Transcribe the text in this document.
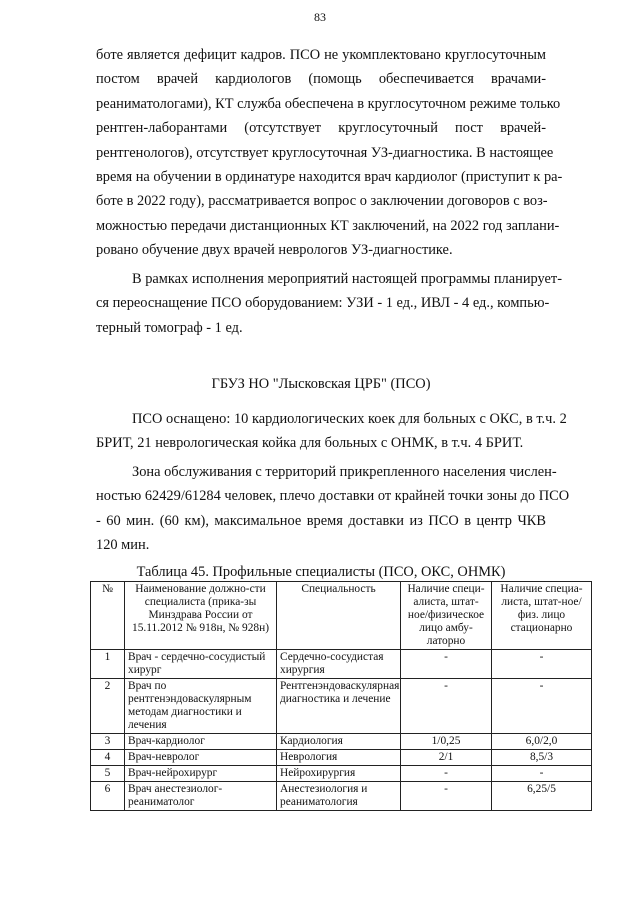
83
боте является дефицит кадров. ПСО не укомплектовано круглосуточным
постом врачей кардиологов (помощь обеспечивается врачами-
реаниматологами), КТ служба обеспечена в круглосуточном режиме только
рентген-лаборантами (отсутствует круглосуточный пост врачей-
рентгенологов), отсутствует круглосуточная УЗ-диагностика. В настоящее
время на обучении в ординатуре находится врач кардиолог (приступит к ра-
боте в 2022 году), рассматривается вопрос о заключении договоров с воз-
можностью передачи дистанционных КТ заключений, на 2022 год заплани-
ровано обучение двух врачей неврологов УЗ-диагностике.
В рамках исполнения мероприятий настоящей программы планирует-
ся переоснащение ПСО оборудованием: УЗИ - 1 ед., ИВЛ - 4 ед., компью-
терный томограф - 1 ед.
ГБУЗ НО "Лысковская ЦРБ" (ПСО)
ПСО оснащено: 10 кардиологических коек для больных с ОКС, в т.ч. 2
БРИТ, 21 неврологическая койка для больных с ОНМК, в т.ч. 4 БРИТ.
Зона обслуживания с территорий прикрепленного населения числен-
ностью 62429/61284 человек, плечо доставки от крайней точки зоны до ПСО
- 60 мин. (60 км), максимальное время доставки из ПСО в центр ЧКВ
120 мин.
Таблица 45. Профильные специалисты (ПСО, ОКС, ОНМК)
№	Наименование должно-сти специалиста (прика-зы Минздрава России от 15.11.2012 № 918н, № 928н)	Специальность	Наличие специ-алиста, штат-ное/физическое лицо амбу-латорно	Наличие специа-листа, штат-ное/физ. лицо стационарно
1	Врач - сердечно-сосудистый хирург	Сердечно-сосудистая хирургия	-	-
2	Врач по рентгенэндоваскулярным методам диагностики и лечения	Рентгенэндоваскулярная диагностика и лечение	-	-
3	Врач-кардиолог	Кардиология	1/0,25	6,0/2,0
4	Врач-невролог	Неврология	2/1	8,5/3
5	Врач-нейрохирург	Нейрохирургия	-	-
6	Врач анестезиолог-реаниматолог	Анестезиология и реаниматология	-	6,25/5
